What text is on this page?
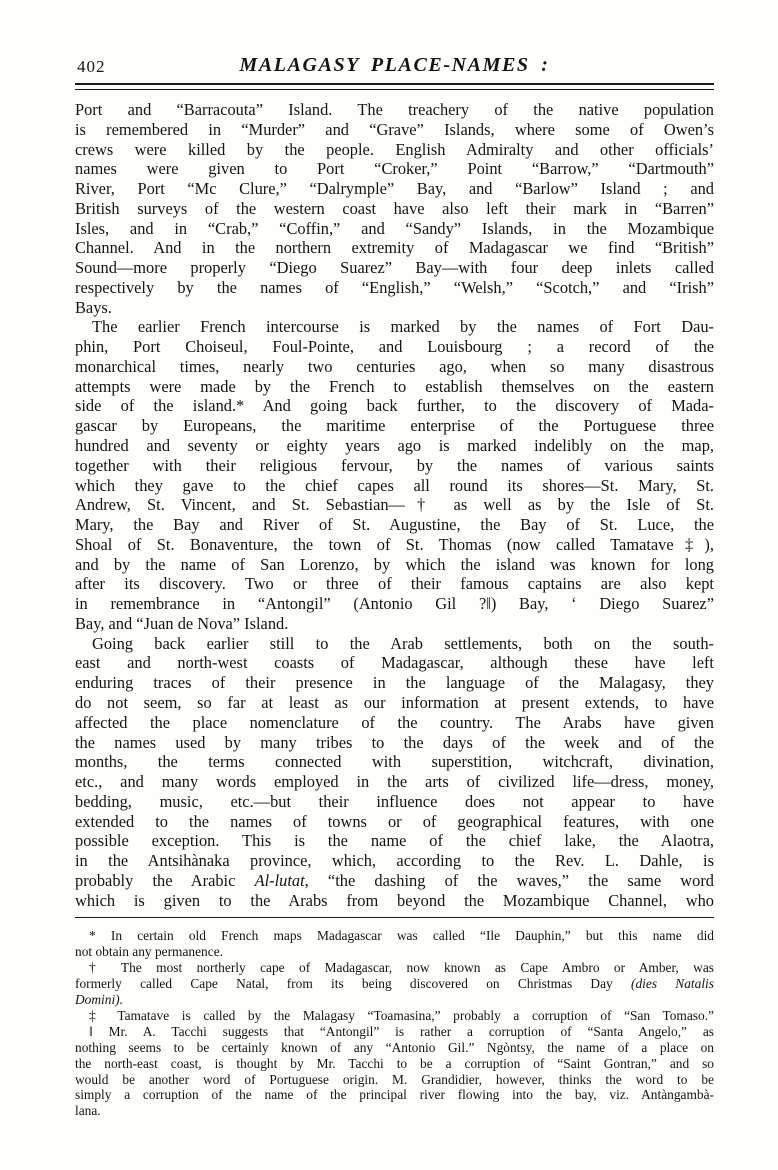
402	MALAGASY PLACE-NAMES :
Port and “Barracouta” Island. The treachery of the native population
is remembered in “Murder” and “Grave” Islands, where some of Owen’s
crews were killed by the people. English Admiralty and other officials’
names were given to Port “Croker,” Point “Barrow,” “Dartmouth”
River, Port “Mc Clure,” “Dalrymple” Bay, and “Barlow” Island ; and
British surveys of the western coast have also left their mark in “Barren”
Isles, and in “Crab,” “Coffin,” and “Sandy” Islands, in the Mozambique
Channel. And in the northern extremity of Madagascar we find “British”
Sound—more properly “Diego Suarez” Bay—with four deep inlets called
respectively by the names of “English,” “Welsh,” “Scotch,” and “Irish”
Bays.
The earlier French intercourse is marked by the names of Fort Dau-
phin, Port Choiseul, Foul-Pointe, and Louisbourg ; a record of the
monarchical times, nearly two centuries ago, when so many disastrous
attempts were made by the French to establish themselves on the eastern
side of the island.* And going back further, to the discovery of Mada-
gascar by Europeans, the maritime enterprise of the Portuguese three
hundred and seventy or eighty years ago is marked indelibly on the map,
together with their religious fervour, by the names of various saints
which they gave to the chief capes all round its shores—St. Mary, St.
Andrew, St. Vincent, and St. Sebastian—† as well as by the Isle of St.
Mary, the Bay and River of St. Augustine, the Bay of St. Luce, the
Shoal of St. Bonaventure, the town of St. Thomas (now called Tamatave‡),
and by the name of San Lorenzo, by which the island was known for long
after its discovery. Two or three of their famous captains are also kept
in remembrance in “Antongil” (Antonio Gil ?‖) Bay, ‘ Diego Suarez”
Bay, and “Juan de Nova” Island.
Going back earlier still to the Arab settlements, both on the south-
east and north-west coasts of Madagascar, although these have left
enduring traces of their presence in the language of the Malagasy, they
do not seem, so far at least as our information at present extends, to have
affected the place nomenclature of the country. The Arabs have given
the names used by many tribes to the days of the week and of the
months, the terms connected with superstition, witchcraft, divination,
etc., and many words employed in the arts of civilized life—dress, money,
bedding, music, etc.—but their influence does not appear to have
extended to the names of towns or of geographical features, with one
possible exception. This is the name of the chief lake, the Alaotra,
in the Antsihànaka province, which, according to the Rev. L. Dahle, is
probably the Arabic Al-lutat, “the dashing of the waves,” the same word
which is given to the Arabs from beyond the Mozambique Channel, who
* In certain old French maps Madagascar was called “Ile Dauphin,” but this name did
not obtain any permanence.
† The most northerly cape of Madagascar, now known as Cape Ambro or Amber, was
formerly called Cape Natal, from its being discovered on Christmas Day (dies Natalis
Domini).
‡ Tamatave is called by the Malagasy “Toamasina,” probably a corruption of “San Tomaso.”
‖ Mr. A. Tacchi suggests that “Antongil” is rather a corruption of “Santa Angelo,” as
nothing seems to be certainly known of any “Antonio Gil.” Ngòntsy, the name of a place on
the north-east coast, is thought by Mr. Tacchi to be a corruption of “Saint Gontran,” and so
would be another word of Portuguese origin. M. Grandidier, however, thinks the word to be
simply a corruption of the name of the principal river flowing into the bay, viz. Antàngambà-
lana.
